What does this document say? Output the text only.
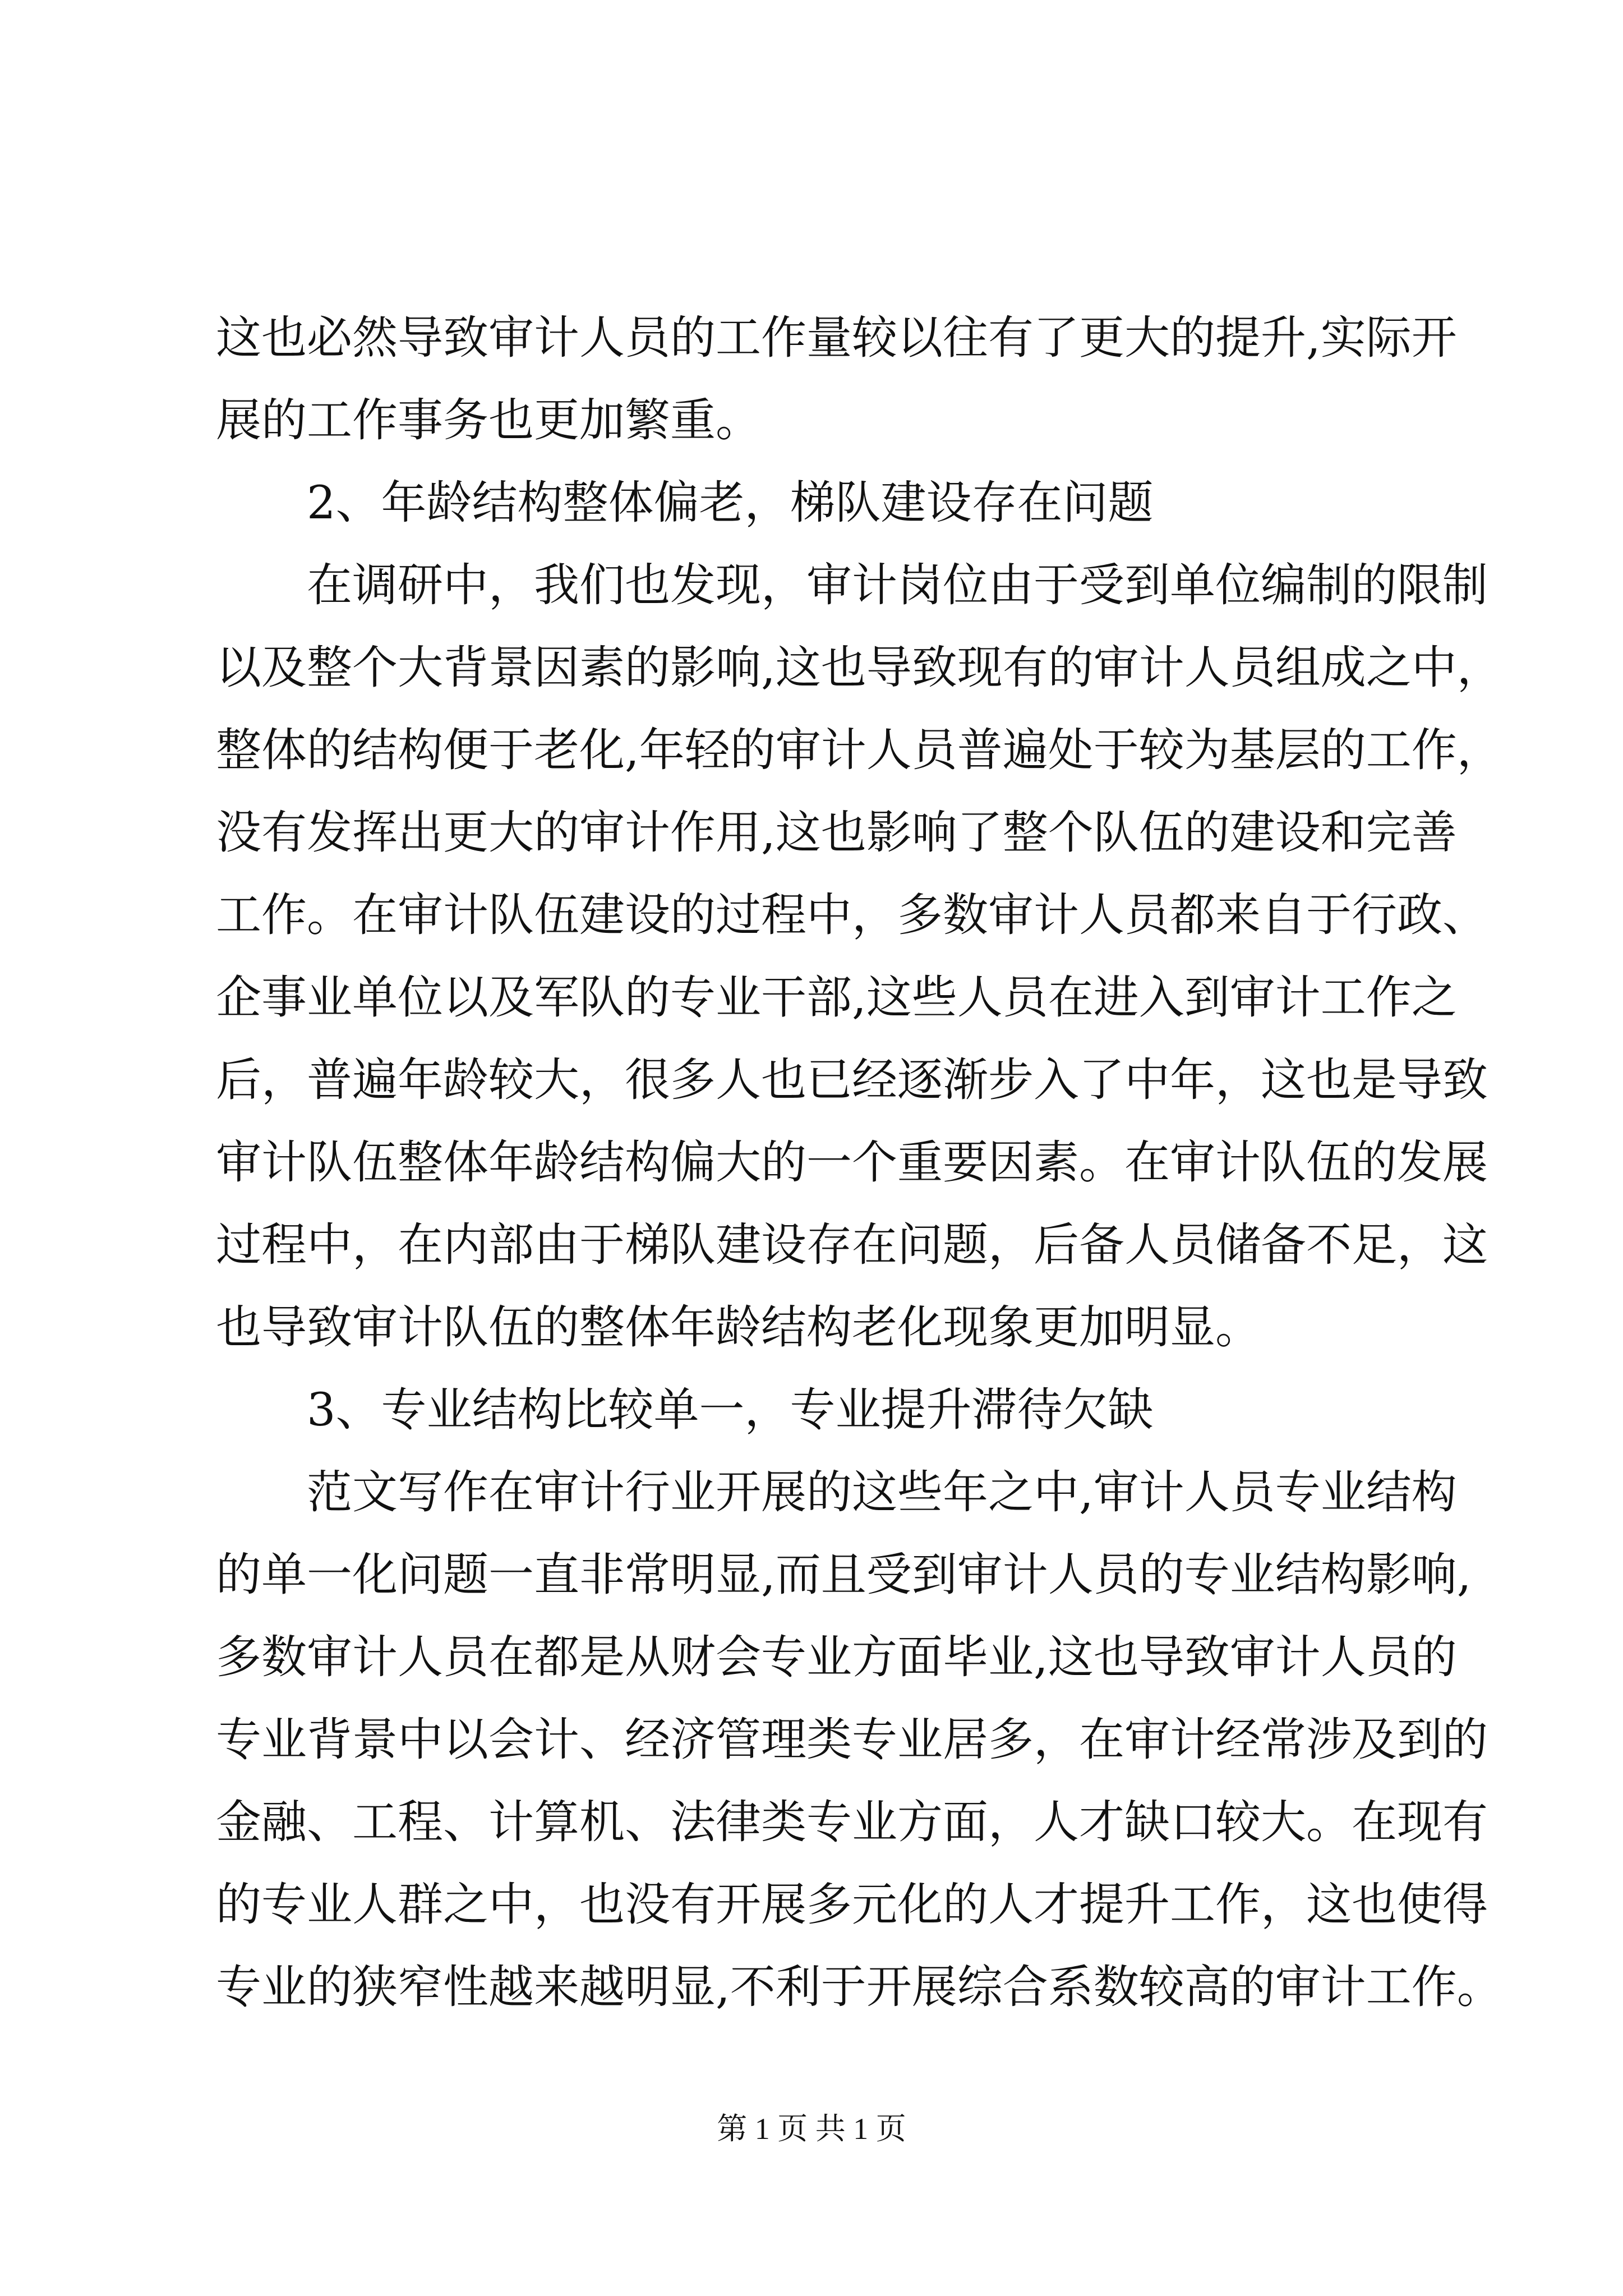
这也必然导致审计人员的工作量较以往有了更大的提升,实际开
展的工作事务也更加繁重。
2、年龄结构整体偏老，梯队建设存在问题
在调研中，我们也发现，审计岗位由于受到单位编制的限制
以及整个大背景因素的影响,这也导致现有的审计人员组成之中，
整体的结构便于老化,年轻的审计人员普遍处于较为基层的工作，
没有发挥出更大的审计作用,这也影响了整个队伍的建设和完善
工作。在审计队伍建设的过程中，多数审计人员都来自于行政、
企事业单位以及军队的专业干部,这些人员在进入到审计工作之
后，普遍年龄较大，很多人也已经逐渐步入了中年，这也是导致
审计队伍整体年龄结构偏大的一个重要因素。在审计队伍的发展
过程中，在内部由于梯队建设存在问题，后备人员储备不足，这
也导致审计队伍的整体年龄结构老化现象更加明显。
3、专业结构比较单一，专业提升滞待欠缺
范文写作在审计行业开展的这些年之中,审计人员专业结构
的单一化问题一直非常明显,而且受到审计人员的专业结构影响,
多数审计人员在都是从财会专业方面毕业,这也导致审计人员的
专业背景中以会计、经济管理类专业居多，在审计经常涉及到的
金融、工程、计算机、法律类专业方面，人才缺口较大。在现有
的专业人群之中，也没有开展多元化的人才提升工作，这也使得
专业的狭窄性越来越明显,不利于开展综合系数较高的审计工作。
第 1 页 共 1 页
